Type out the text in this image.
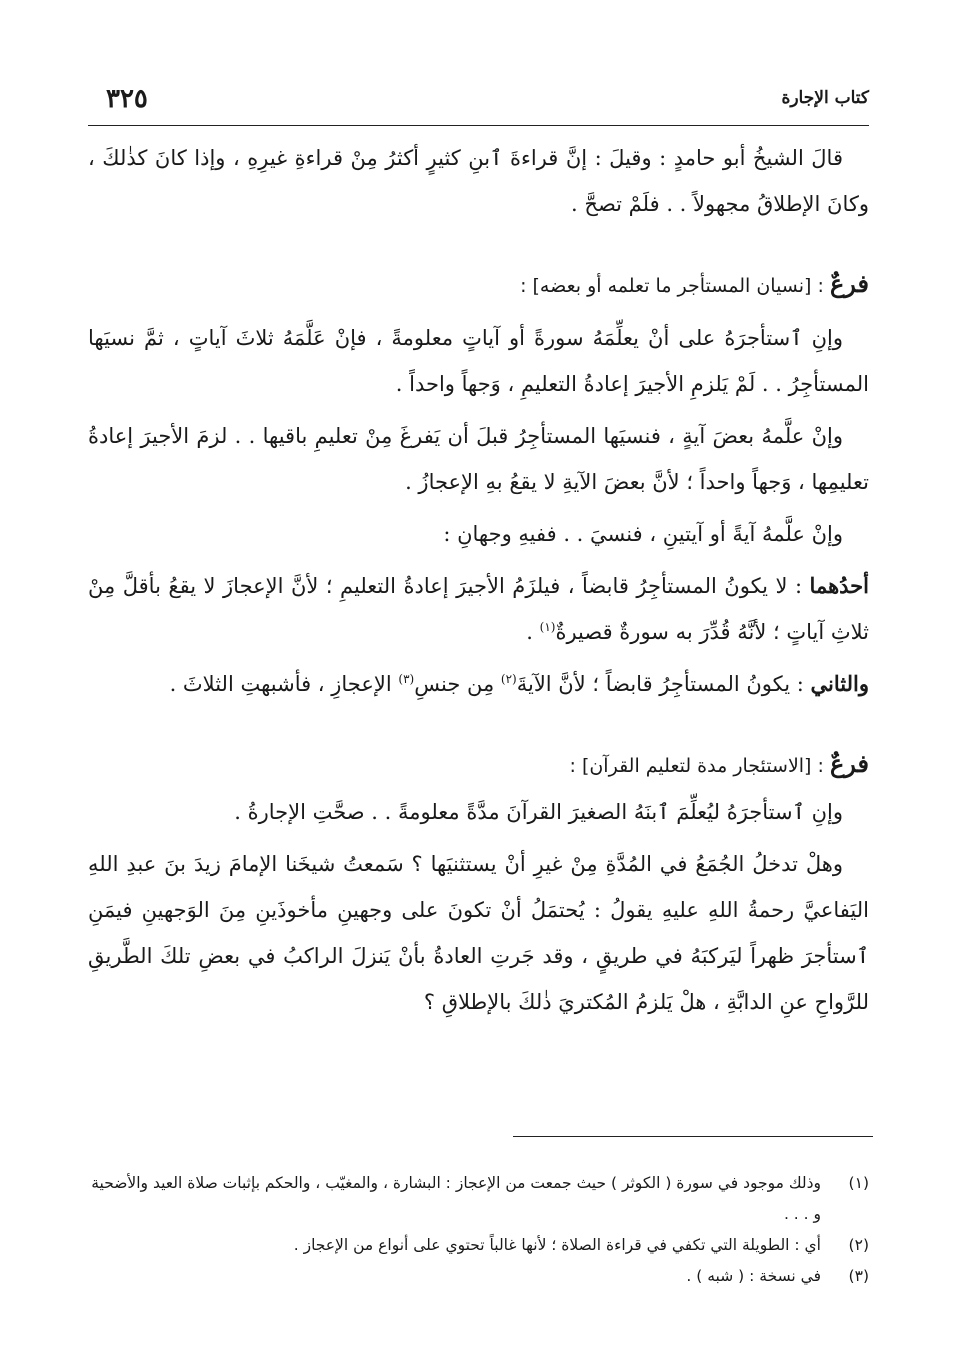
كتاب الإجارة
٣٢٥

قالَ الشيخُ أبو حامدٍ : وقيلَ : إنَّ قراءةَ ٱبنِ كثيرٍ أكثرُ مِنْ قراءةِ غيرِهِ ، وإذا كانَ كذٰلكَ ، وكانَ الإطلاقُ مجهولاً . . فلَمْ تصحَّ .

فرعٌ : [نسيان المستأجر ما تعلمه أو بعضه] :

وإنِ ٱستأجرَهُ على أنْ يعلِّمَهُ سورةً أو آياتٍ معلومةً ، فإنْ عَلَّمَهُ ثلاثَ آياتٍ ، ثمَّ نسيَها المستأجِرُ . . لَمْ يَلزمِ الأجيرَ إعادةُ التعليمِ ، وَجهاً واحداً .

وإنْ علَّمهُ بعضَ آيةٍ ، فنسيَها المستأجِرُ قبلَ أن يَفرغَ مِنْ تعليمِ باقيها . . لزمَ الأجيرَ إعادةُ تعليمِها ، وَجهاً واحداً ؛ لأنَّ بعضَ الآيةِ لا يقعُ بهِ الإعجازُ .

وإنْ علَّمهُ آيةً أو آيتينِ ، فنسيَ . . ففيهِ وجهانِ :

أحدُهما : لا يكونُ المستأجِرُ قابضاً ، فيلزَمُ الأجيرَ إعادةُ التعليمِ ؛ لأنَّ الإعجازَ لا يقعُ بأقلَّ مِنْ ثلاثِ آياتٍ ؛ لأنَّهُ قُدِّرَ به سورةٌ قصيرةٌ$^{(١)}$ .

والثاني : يكونُ المستأجِرُ قابضاً ؛ لأنَّ الآيةَ$^{(٢)}$ مِن جنسِ$^{(٣)}$ الإعجازِ ، فأشبهتِ الثلاثَ .

فرعٌ : [الاستئجار مدة لتعليم القرآن] :

وإنِ ٱستأجرَهُ ليُعلِّمَ ٱبنَهُ الصغيرَ القرآنَ مدَّةً معلومةً . . صحَّتِ الإجارةُ .

وهلْ تدخلُ الجُمَعُ في المُدَّةِ مِنْ غيرِ أنْ يستثنيَها ؟ سَمعتُ شيخَنا الإمامَ زيدَ بنَ عبدِ اللهِ اليَفاعيَّ رحمةُ اللهِ عليهِ يقولُ : يُحتمَلُ أنْ تكونَ على وجهينِ مأخوذَينِ مِنَ الوَجهينِ فيمَنِ ٱستأجرَ ظهراً ليَركبَهُ في طريقٍ ، وقد جَرتِ العادةُ بأنْ يَنزلَ الراكبُ في بعضِ تلكَ الطَّريقِ للرَّواحِ عنِ الدابَّةِ ، هلْ يَلزمُ المُكتريَ ذٰلكَ بالإطلاقِ ؟

(١)
وذلك موجود في سورة ( الكوثر ) حيث جمعت من الإعجاز : البشارة ، والمغيّب ، والحكم بإثبات صلاة العيد والأضحية و . . .
(٢)
أي : الطويلة التي تكفي في قراءة الصلاة ؛ لأنها غالباً تحتوي على أنواع من الإعجاز .
(٣)
في نسخة : ( شبه ) .
